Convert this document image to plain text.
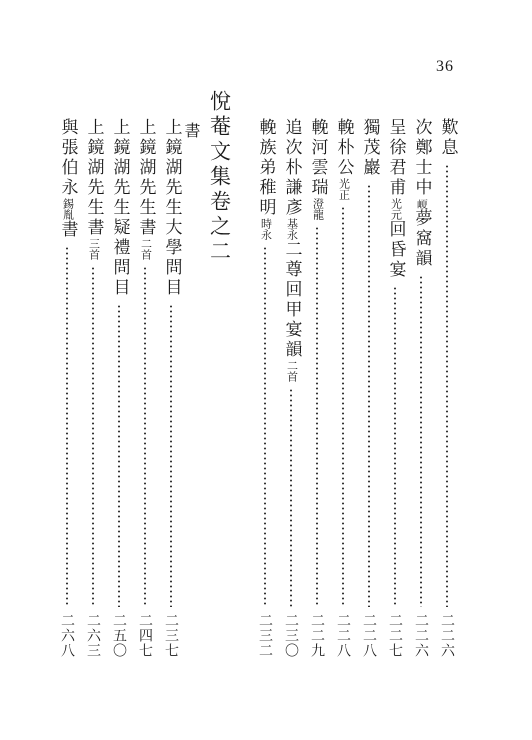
36
歎息
二二六
次鄭士中𡺷夢窩韻
二二六
呈徐君甫光元回昏宴
二二七
獨茂巖
二二八
輓朴公光正
二二八
輓河雲瑞澄龍
二二九
追次朴謙彥基永二尊回甲宴韻二首
二三〇
輓族弟稚明時永
二三二
悅菴文集卷之二
書
上鏡湖先生大學問目
二三七
上鏡湖先生書二首
二四七
上鏡湖先生疑禮問目
二五〇
上鏡湖先生書三首
二六三
與張伯永錫胤書
二六八
